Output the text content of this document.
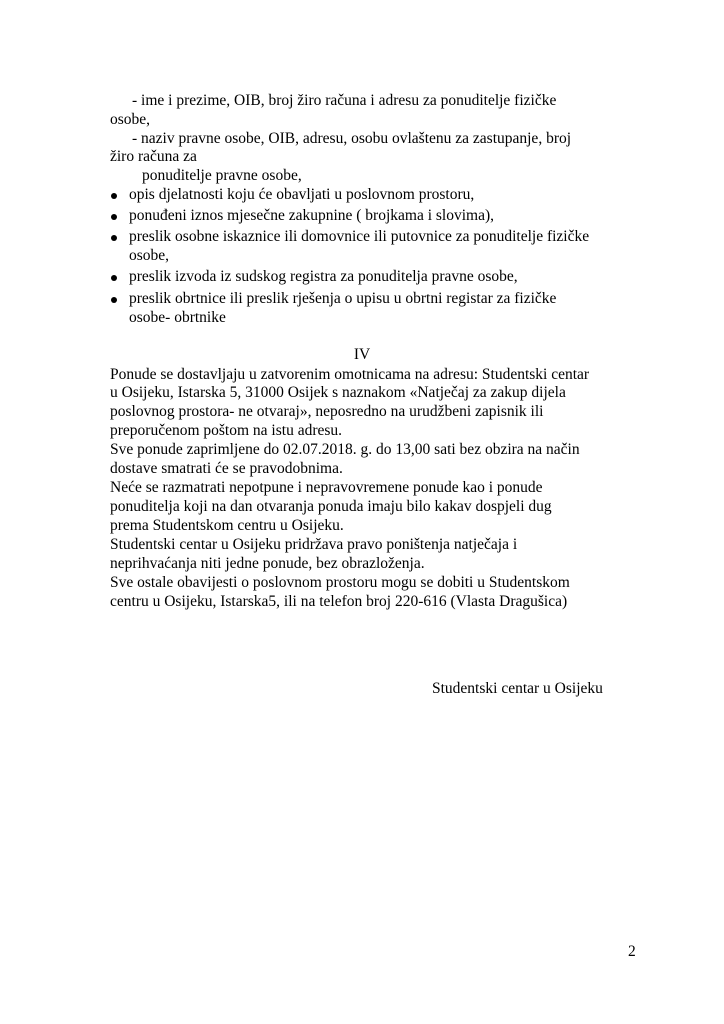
- ime i prezime, OIB, broj žiro računa i adresu za ponuditelje fizičke
osobe,
- naziv pravne osobe, OIB, adresu, osobu ovlaštenu za zastupanje, broj
žiro računa za
ponuditelje pravne osobe,
opis djelatnosti koju će obavljati u poslovnom prostoru,
ponuđeni iznos mjesečne zakupnine ( brojkama i slovima),
preslik osobne iskaznice ili domovnice ili putovnice za ponuditelje fizičke
osobe,
preslik izvoda iz sudskog registra za ponuditelja pravne osobe,
preslik obrtnice ili preslik rješenja o upisu u obrtni registar za fizičke
osobe- obrtnike
IV
Ponude se dostavljaju u zatvorenim omotnicama na adresu: Studentski centar
u Osijeku, Istarska 5, 31000 Osijek s naznakom «Natječaj za zakup dijela
poslovnog prostora- ne otvaraj», neposredno na urudžbeni zapisnik ili
preporučenom poštom na istu adresu.
Sve ponude zaprimljene do 02.07.2018. g. do 13,00 sati bez obzira na način
dostave smatrati će se pravodobnima.
Neće se razmatrati nepotpune i nepravovremene ponude kao i ponude
ponuditelja koji na dan otvaranja ponuda imaju bilo kakav dospjeli dug
prema Studentskom centru u Osijeku.
Studentski centar u Osijeku pridržava pravo poništenja natječaja i
neprihvaćanja niti jedne ponude, bez obrazloženja.
Sve ostale obavijesti o poslovnom prostoru mogu se dobiti u Studentskom
centru u Osijeku, Istarska5, ili na telefon broj 220-616 (Vlasta Dragušica)
Studentski centar u Osijeku
2
